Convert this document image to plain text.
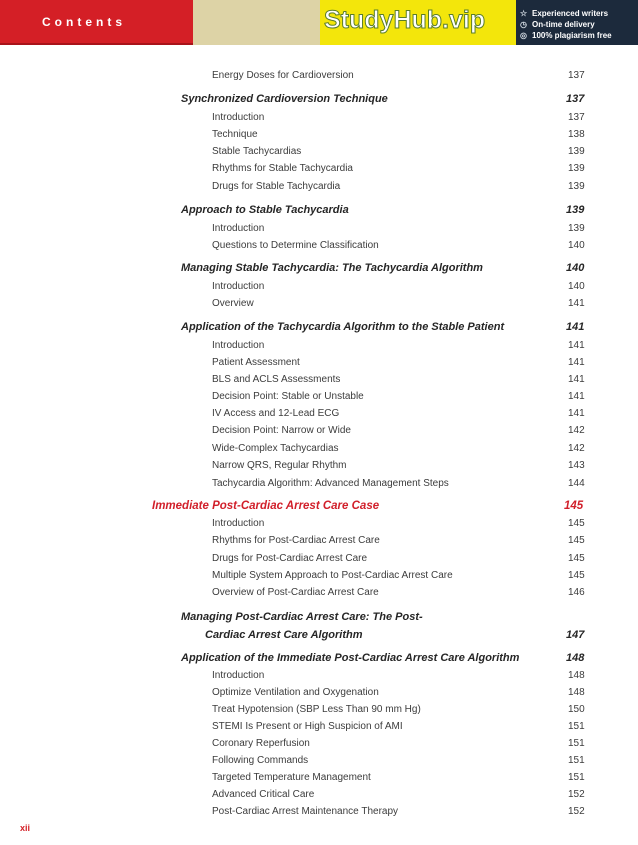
Contents	StudyHub.vip	☆ Experienced writers
◷ On-time delivery
◎ 100% plagiarism free
Energy Doses for Cardioversion	137
Synchronized Cardioversion Technique	137
Introduction	137
Technique	138
Stable Tachycardias	139
Rhythms for Stable Tachycardia	139
Drugs for Stable Tachycardia	139
Approach to Stable Tachycardia	139
Introduction	139
Questions to Determine Classification	140
Managing Stable Tachycardia: The Tachycardia Algorithm	140
Introduction	140
Overview	141
Application of the Tachycardia Algorithm to the Stable Patient	141
Introduction	141
Patient Assessment	141
BLS and ACLS Assessments	141
Decision Point: Stable or Unstable	141
IV Access and 12-Lead ECG	141
Decision Point: Narrow or Wide	142
Wide-Complex Tachycardias	142
Narrow QRS, Regular Rhythm	143
Tachycardia Algorithm: Advanced Management Steps	144
Immediate Post-Cardiac Arrest Care Case	145
Introduction	145
Rhythms for Post-Cardiac Arrest Care	145
Drugs for Post-Cardiac Arrest Care	145
Multiple System Approach to Post-Cardiac Arrest Care	145
Overview of Post-Cardiac Arrest Care	146
Managing Post-Cardiac Arrest Care: The Post-
Cardiac Arrest Care Algorithm	147
Application of the Immediate Post-Cardiac Arrest Care Algorithm	148
Introduction	148
Optimize Ventilation and Oxygenation	148
Treat Hypotension (SBP Less Than 90 mm Hg)	150
STEMI Is Present or High Suspicion of AMI	151
Coronary Reperfusion	151
Following Commands	151
Targeted Temperature Management	151
Advanced Critical Care	152
Post-Cardiac Arrest Maintenance Therapy	152
xii
